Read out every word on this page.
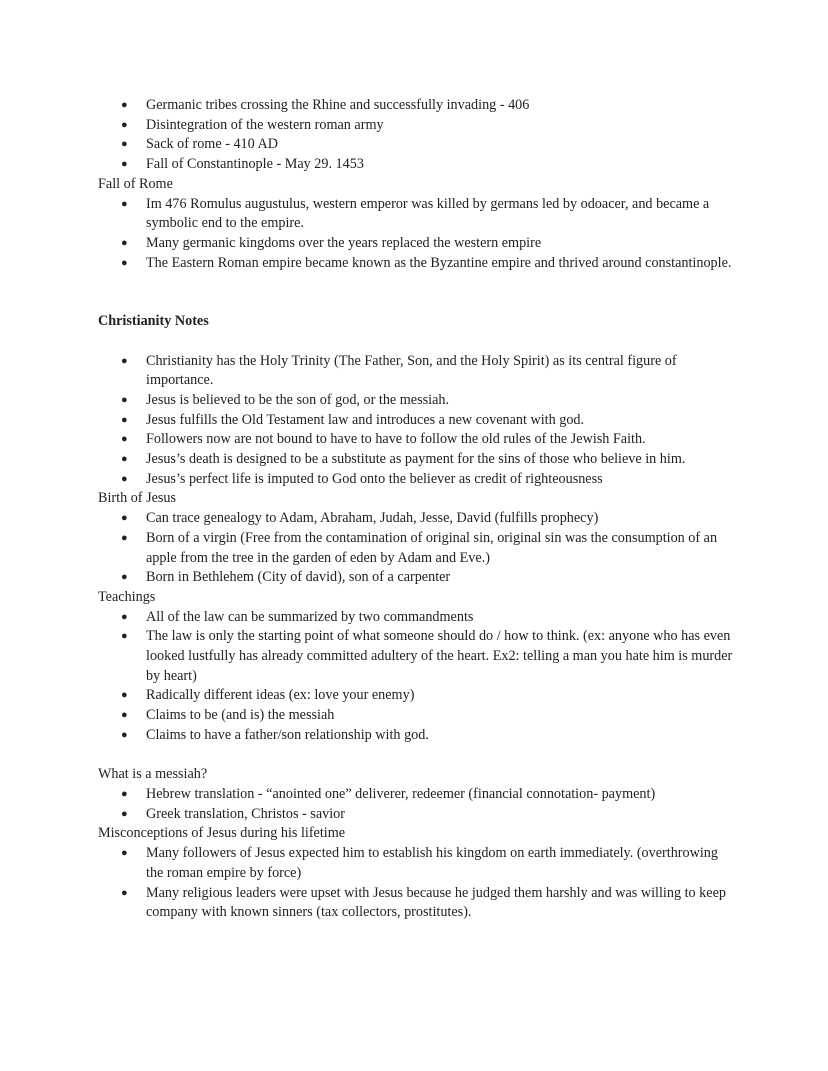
● Germanic tribes crossing the Rhine and successfully invading - 406
● Disintegration of the western roman army
● Sack of rome - 410 AD
● Fall of Constantinople - May 29. 1453
Fall of Rome
● Im 476 Romulus augustulus, western emperor was killed by germans led by odoacer, and became a symbolic end to the empire.
● Many germanic kingdoms over the years replaced the western empire
● The Eastern Roman empire became known as the Byzantine empire and thrived around constantinople.
Christianity Notes
● Christianity has the Holy Trinity (The Father, Son, and the Holy Spirit) as its central figure of importance.
● Jesus is believed to be the son of god, or the messiah.
● Jesus fulfills the Old Testament law and introduces a new covenant with god.
● Followers now are not bound to have to have to follow the old rules of the Jewish Faith.
● Jesus’s death is designed to be a substitute as payment for the sins of those who believe in him.
● Jesus’s perfect life is imputed to God onto the believer as credit of righteousness
Birth of Jesus
● Can trace genealogy to Adam, Abraham, Judah, Jesse, David (fulfills prophecy)
● Born of a virgin (Free from the contamination of original sin, original sin was the consumption of an apple from the tree in the garden of eden by Adam and Eve.)
● Born in Bethlehem (City of david), son of a carpenter
Teachings
● All of the law can be summarized by two commandments
● The law is only the starting point of what someone should do / how to think. (ex: anyone who has even looked lustfully has already committed adultery of the heart. Ex2: telling a man you hate him is murder by heart)
● Radically different ideas (ex: love your enemy)
● Claims to be (and is) the messiah
● Claims to have a father/son relationship with god.
What is a messiah?
● Hebrew translation - “anointed one” deliverer, redeemer (financial connotation- payment)
● Greek translation, Christos - savior
Misconceptions of Jesus during his lifetime
● Many followers of Jesus expected him to establish his kingdom on earth immediately. (overthrowing the roman empire by force)
● Many religious leaders were upset with Jesus because he judged them harshly and was willing to keep company with known sinners (tax collectors, prostitutes).
